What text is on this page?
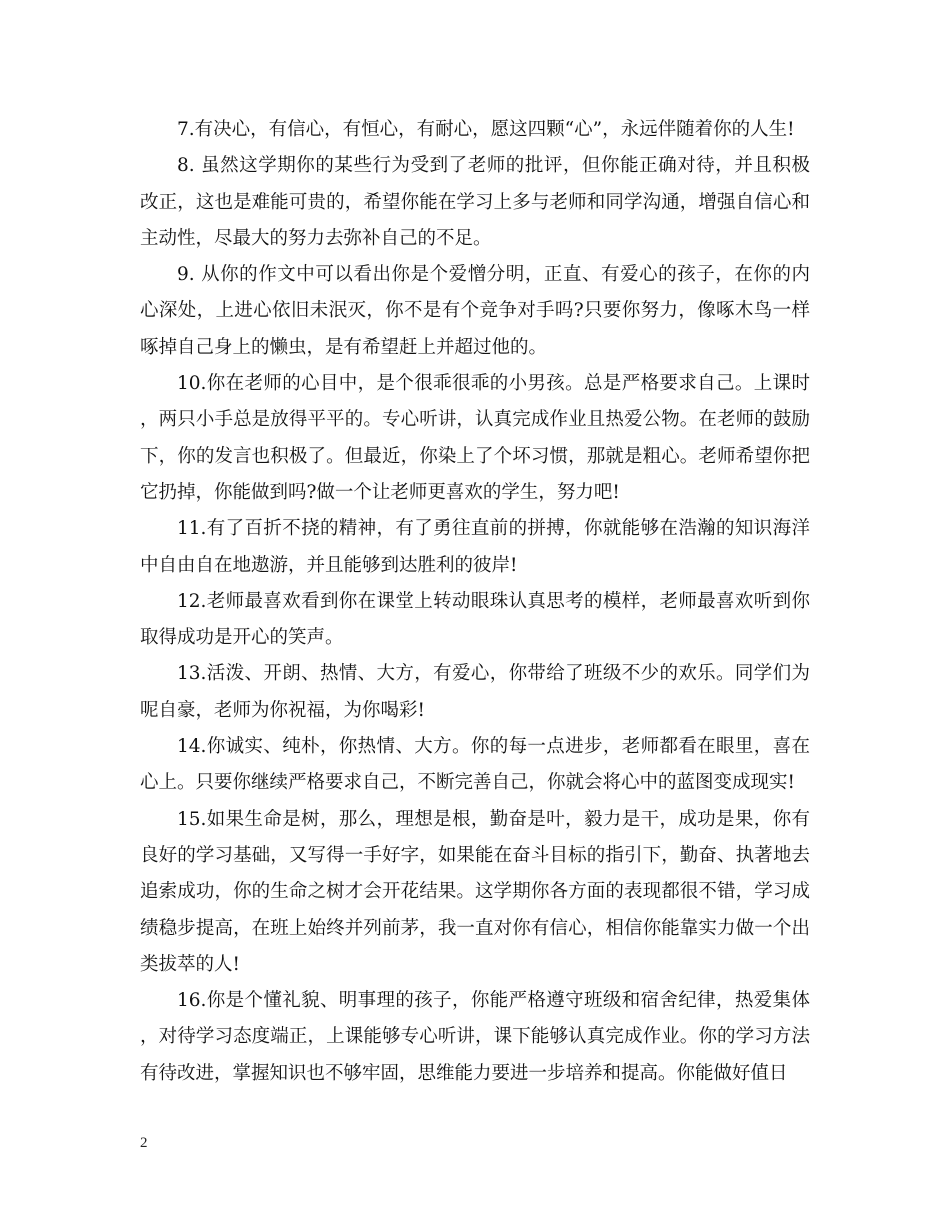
7.有决心，有信心，有恒心，有耐心，愿这四颗“心”，永远伴随着你的人生!

8. 虽然这学期你的某些行为受到了老师的批评，但你能正确对待，并且积极改正，这也是难能可贵的，希望你能在学习上多与老师和同学沟通，增强自信心和主动性，尽最大的努力去弥补自己的不足。

9. 从你的作文中可以看出你是个爱憎分明，正直、有爱心的孩子，在你的内心深处，上进心依旧未泯灭，你不是有个竞争对手吗?只要你努力，像啄木鸟一样啄掉自己身上的懒虫，是有希望赶上并超过他的。

10.你在老师的心目中，是个很乖很乖的小男孩。总是严格要求自己。上课时，两只小手总是放得平平的。专心听讲，认真完成作业且热爱公物。在老师的鼓励下，你的发言也积极了。但最近，你染上了个坏习惯，那就是粗心。老师希望你把它扔掉，你能做到吗?做一个让老师更喜欢的学生，努力吧!

11.有了百折不挠的精神，有了勇往直前的拼搏，你就能够在浩瀚的知识海洋中自由自在地遨游，并且能够到达胜利的彼岸!

12.老师最喜欢看到你在课堂上转动眼珠认真思考的模样，老师最喜欢听到你取得成功是开心的笑声。

13.活泼、开朗、热情、大方，有爱心，你带给了班级不少的欢乐。同学们为呢自豪，老师为你祝福，为你喝彩!

14.你诚实、纯朴，你热情、大方。你的每一点进步，老师都看在眼里，喜在心上。只要你继续严格要求自己，不断完善自己，你就会将心中的蓝图变成现实!

15.如果生命是树，那么，理想是根，勤奋是叶，毅力是干，成功是果，你有良好的学习基础，又写得一手好字，如果能在奋斗目标的指引下，勤奋、执著地去追索成功，你的生命之树才会开花结果。这学期你各方面的表现都很不错，学习成绩稳步提高，在班上始终并列前茅，我一直对你有信心，相信你能靠实力做一个出类拔萃的人!

16.你是个懂礼貌、明事理的孩子，你能严格遵守班级和宿舍纪律，热爱集体，对待学习态度端正，上课能够专心听讲，课下能够认真完成作业。你的学习方法有待改进，掌握知识也不够牢固，思维能力要进一步培养和提高。你能做好值日

2
